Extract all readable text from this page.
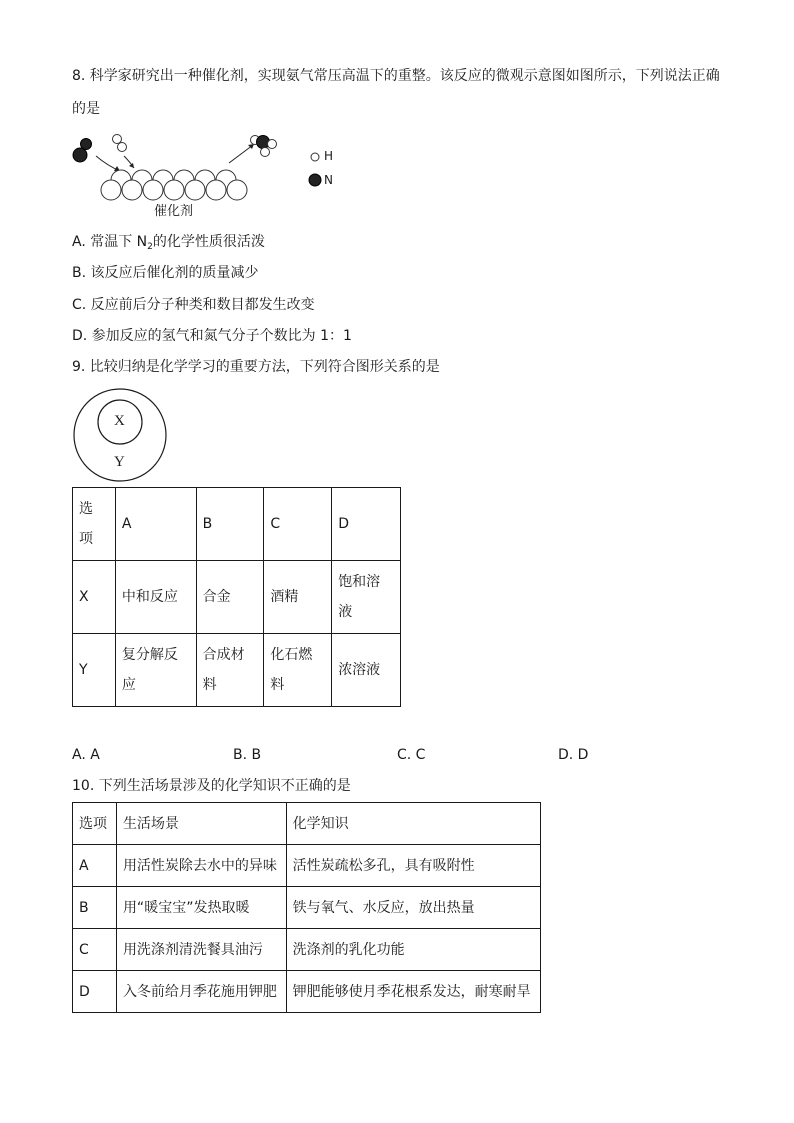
8. 科学家研究出一种催化剂，实现氨气常压高温下的重整。该反应的微观示意图如图所示，下列说法正确
的是
催化剂
H
N
A. 常温下 $N_2$的化学性质很活泼
B. 该反应后催化剂的质量减少
C. 反应前后分子种类和数目都发生改变
D. 参加反应的氢气和氮气分子个数比为 1：1
9. 比较归纳是化学学习的重要方法，下列符合图形关系的是
X
Y
选
项	A	B	C	D
X	中和反应	合金	酒精	饱和溶
液
Y	复分解反
应	合成材
料	化石燃
料	浓溶液
A. A	B. B	C. C	D. D
10. 下列生活场景涉及的化学知识不正确的是
选项	生活场景	化学知识
A	用活性炭除去水中的异味	活性炭疏松多孔，具有吸附性
B	用“暖宝宝”发热取暖	铁与氧气、水反应，放出热量
C	用洗涤剂清洗餐具油污	洗涤剂的乳化功能
D	入冬前给月季花施用钾肥	钾肥能够使月季花根系发达，耐寒耐旱
